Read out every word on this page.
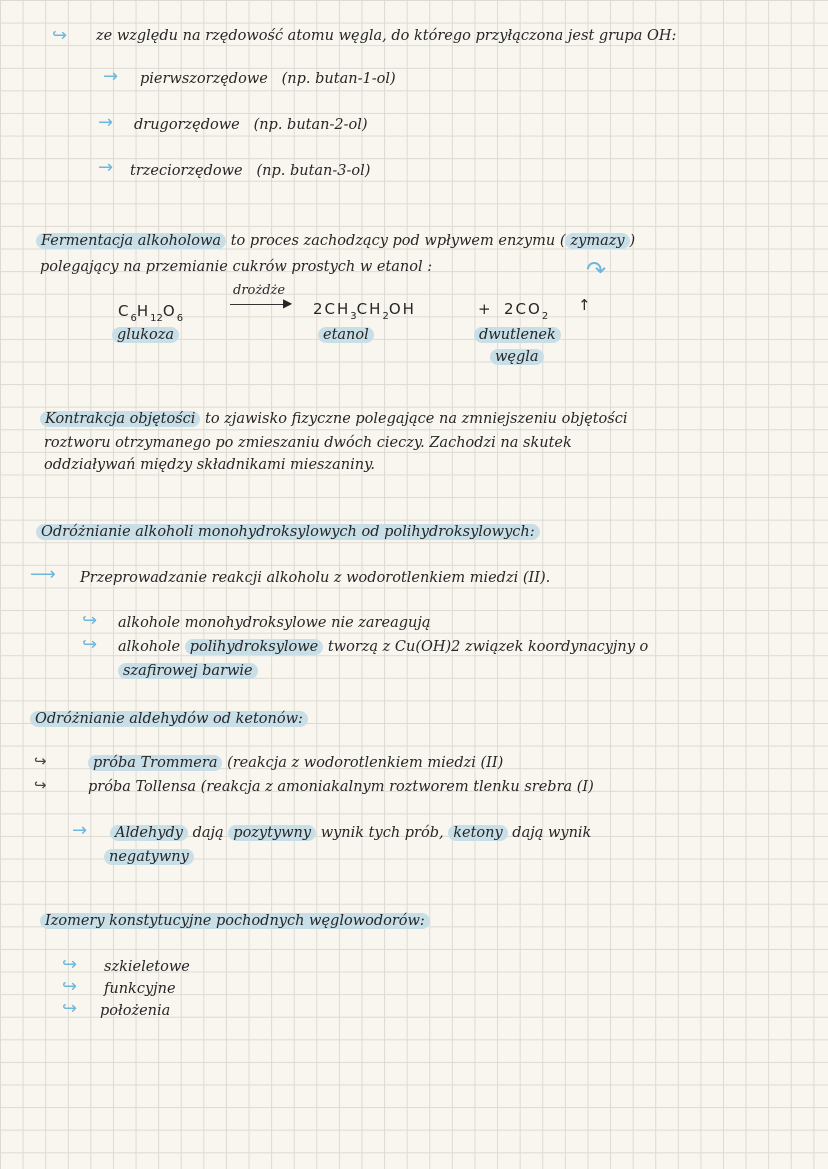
↪ ze względu na rzędowość atomu węgla, do którego przyłączona jest grupa OH:
→ pierwszorzędowe (np. butan-1-ol)
→ drugorzędowe (np. butan-2-ol)
→ trzeciorzędowe (np. butan-3-ol)
Fermentacja alkoholowa to proces zachodzący pod wpływem enzymu ( zymazy )
polegający na przemianie cukrów prostych w etanol :	↷
$C_6H_{12}O_6$
drożdże
▶ $2CH_3CH_2OH$	+ $2CO_2$
↑
glukoza	etanol	dwutlenek
węgla
Kontrakcja objętości to zjawisko fizyczne polegające na zmniejszeniu objętości
roztworu otrzymanego po zmieszaniu dwóch cieczy. Zachodzi na skutek
oddziaływań między składnikami mieszaniny.
Odróżnianie alkoholi monohydroksylowych od polihydroksylowych:
⟶ Przeprowadzanie reakcji alkoholu z wodorotlenkiem miedzi (II).
↪ alkohole monohydroksylowe nie zareagują
↪ alkohole polihydroksylowe tworzą z Cu(OH)2 związek koordynacyjny o
szafirowej barwie
Odróżnianie aldehydów od ketonów:
↪	próba Trommera (reakcja z wodorotlenkiem miedzi (II)
↪	próba Tollensa (reakcja z amoniakalnym roztworem tlenku srebra (I)
→	Aldehydy dają pozytywny wynik tych prób, ketony dają wynik
negatywny
Izomery konstytucyjne pochodnych węglowodorów:
↪ szkieletowe
↪ funkcyjne
↪ położenia
